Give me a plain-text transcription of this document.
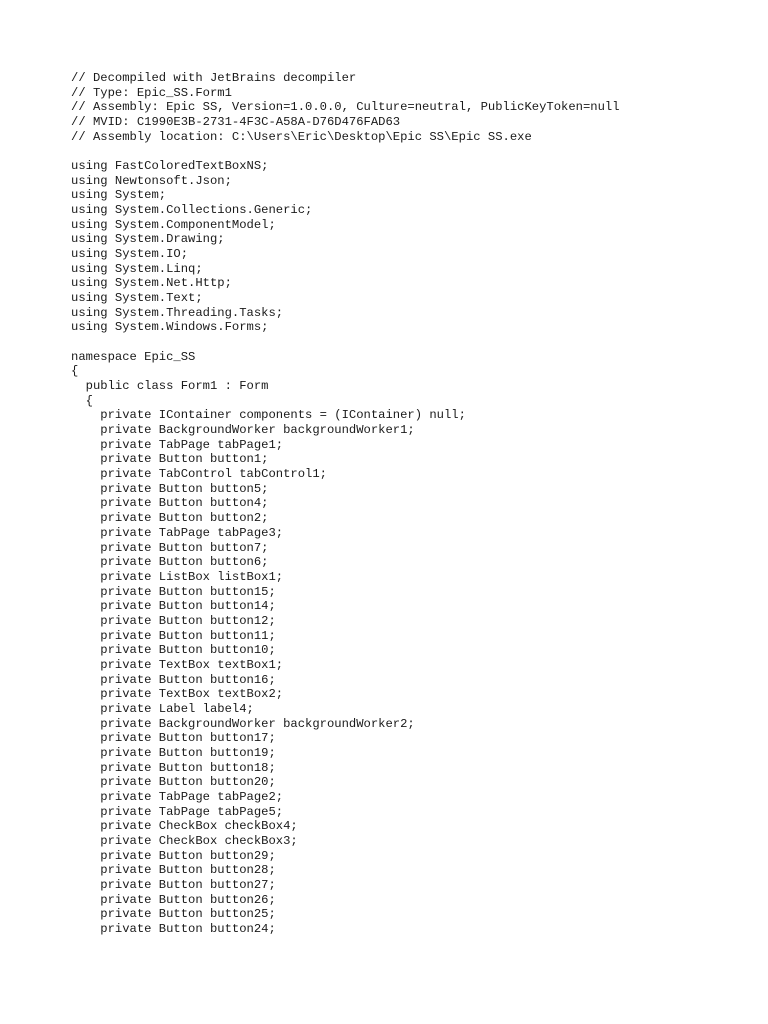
// Decompiled with JetBrains decompiler
// Type: Epic_SS.Form1
// Assembly: Epic SS, Version=1.0.0.0, Culture=neutral, PublicKeyToken=null
// MVID: C1990E3B-2731-4F3C-A58A-D76D476FAD63
// Assembly location: C:\Users\Eric\Desktop\Epic SS\Epic SS.exe

using FastColoredTextBoxNS;
using Newtonsoft.Json;
using System;
using System.Collections.Generic;
using System.ComponentModel;
using System.Drawing;
using System.IO;
using System.Linq;
using System.Net.Http;
using System.Text;
using System.Threading.Tasks;
using System.Windows.Forms;

namespace Epic_SS
{
public class Form1 : Form
{
private IContainer components = (IContainer) null;
private BackgroundWorker backgroundWorker1;
private TabPage tabPage1;
private Button button1;
private TabControl tabControl1;
private Button button5;
private Button button4;
private Button button2;
private TabPage tabPage3;
private Button button7;
private Button button6;
private ListBox listBox1;
private Button button15;
private Button button14;
private Button button12;
private Button button11;
private Button button10;
private TextBox textBox1;
private Button button16;
private TextBox textBox2;
private Label label4;
private BackgroundWorker backgroundWorker2;
private Button button17;
private Button button19;
private Button button18;
private Button button20;
private TabPage tabPage2;
private TabPage tabPage5;
private CheckBox checkBox4;
private CheckBox checkBox3;
private Button button29;
private Button button28;
private Button button27;
private Button button26;
private Button button25;
private Button button24;
